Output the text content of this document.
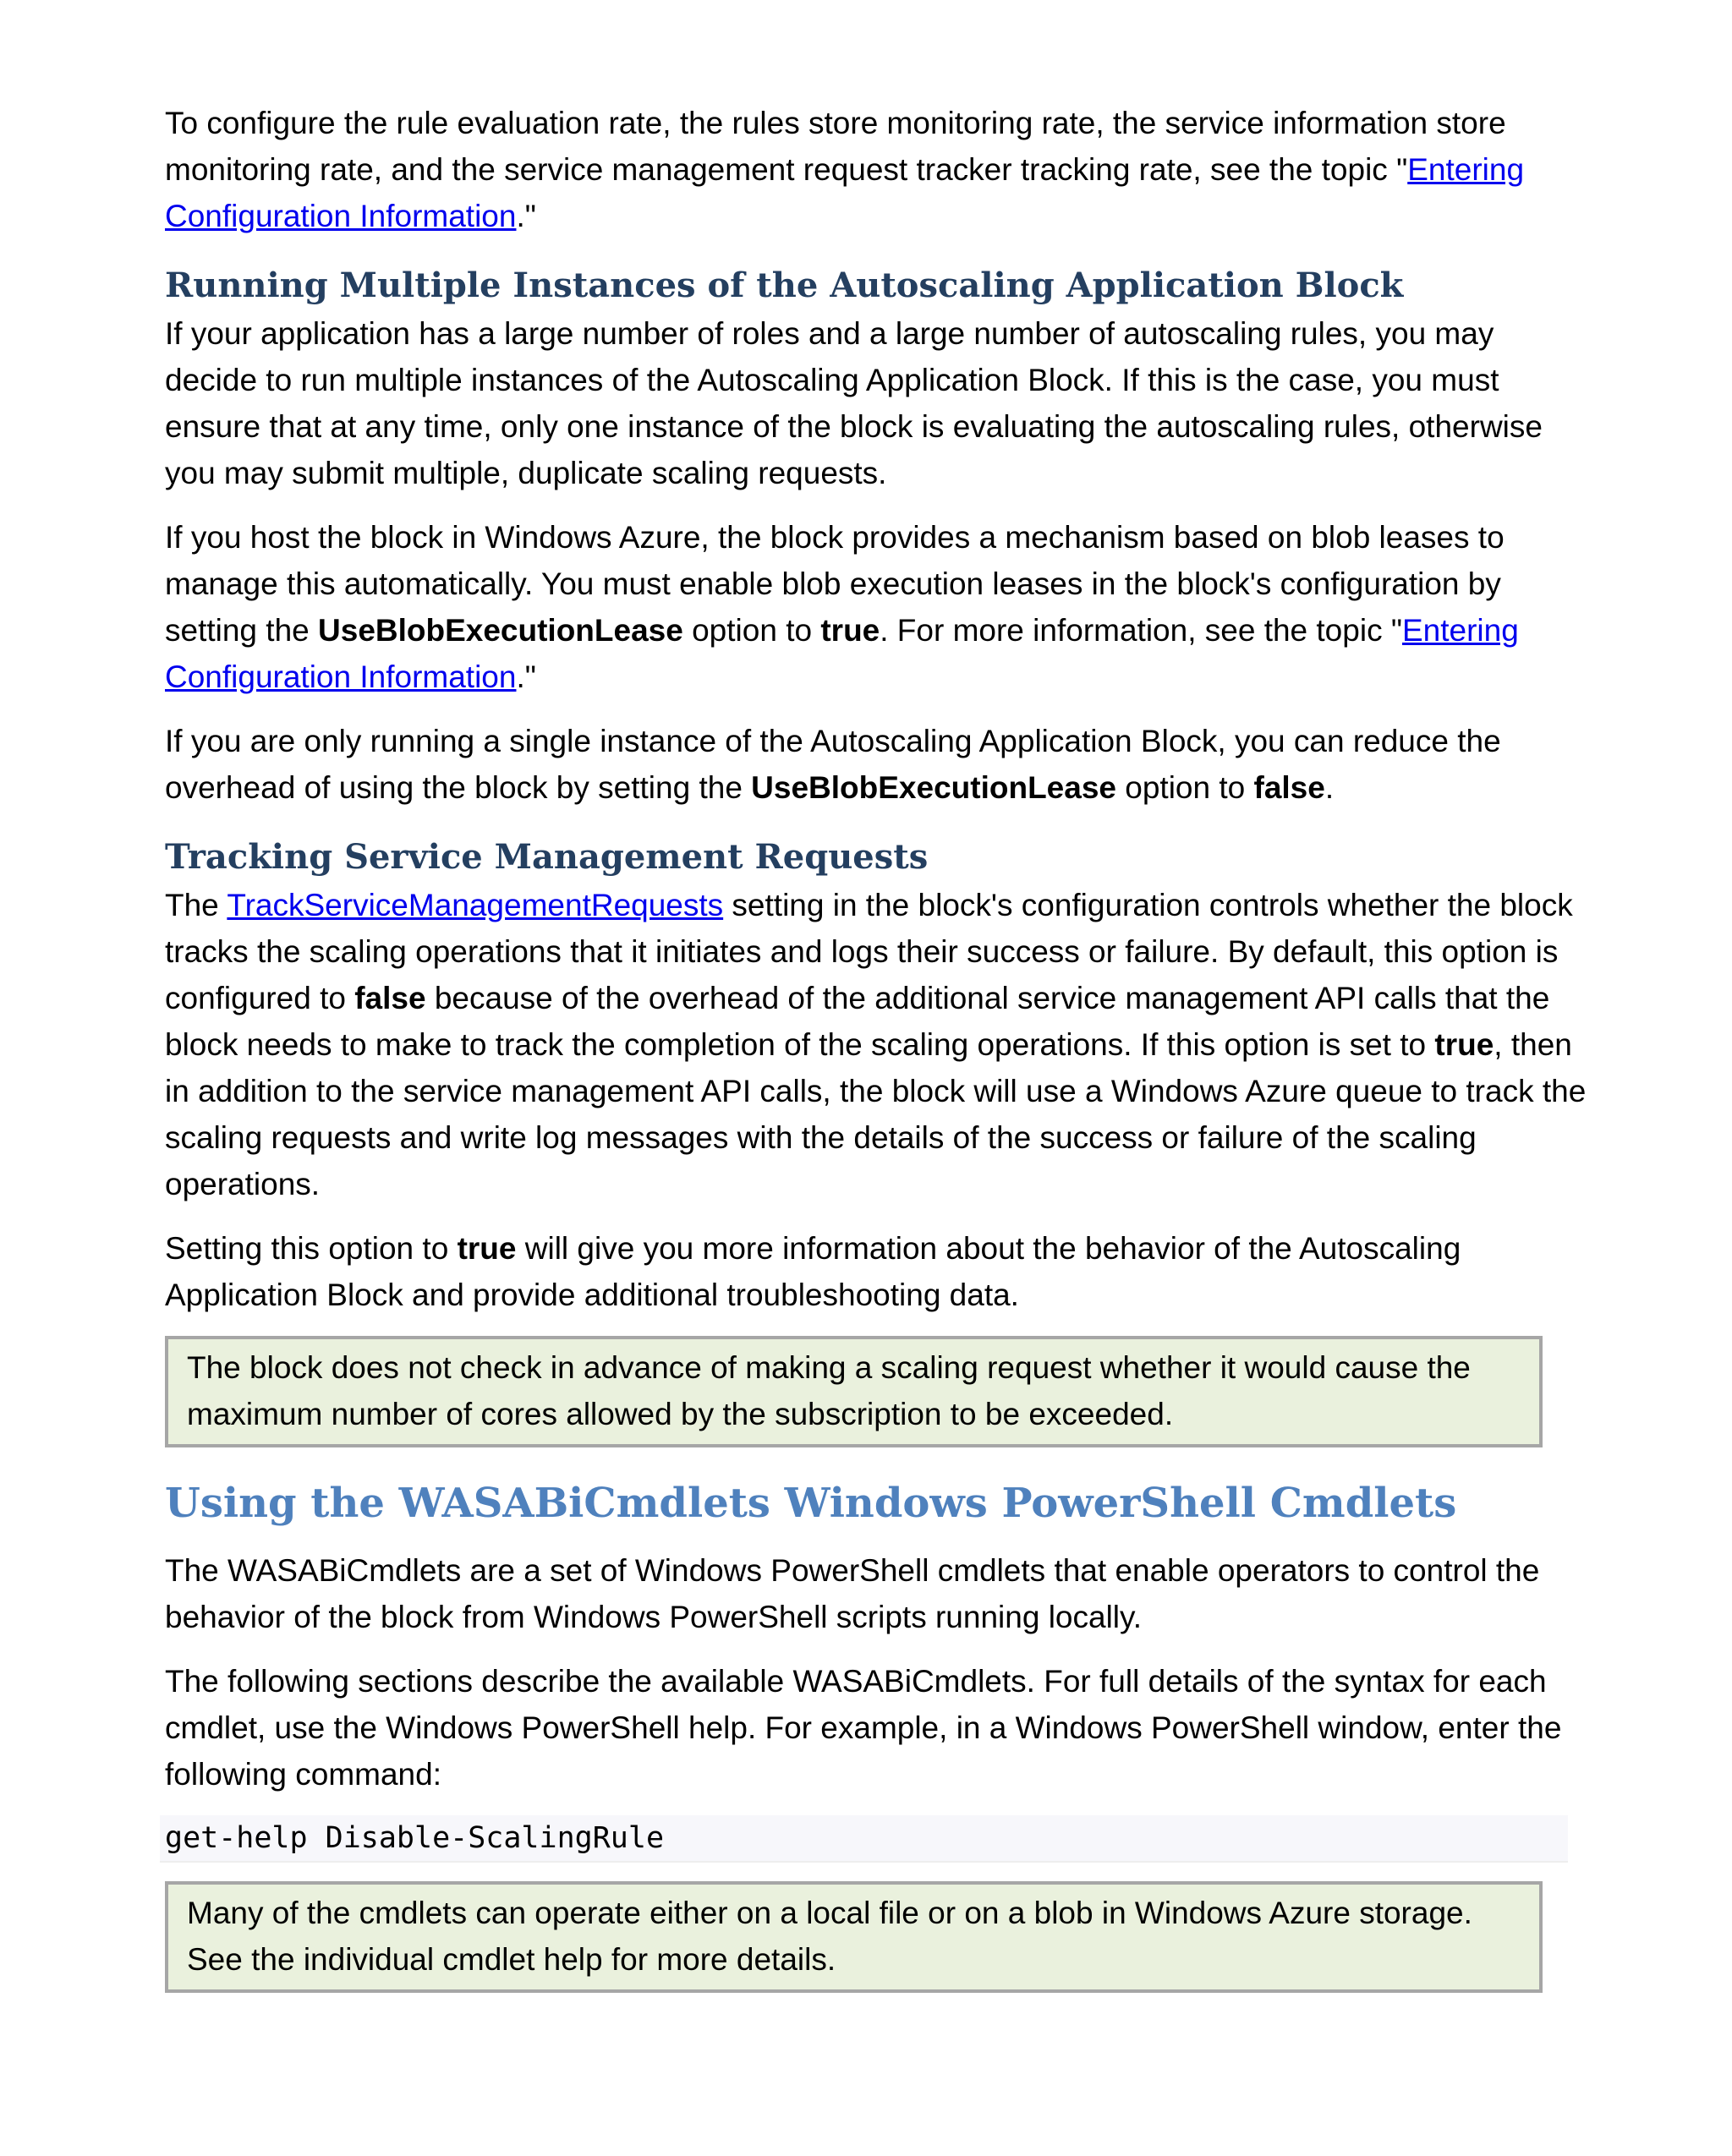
To configure the rule evaluation rate, the rules store monitoring rate, the service information store monitoring rate, and the service management request tracker tracking rate, see the topic "Entering Configuration Information."

Running Multiple Instances of the Autoscaling Application Block

If your application has a large number of roles and a large number of autoscaling rules, you may decide to run multiple instances of the Autoscaling Application Block. If this is the case, you must ensure that at any time, only one instance of the block is evaluating the autoscaling rules, otherwise you may submit multiple, duplicate scaling requests.

If you host the block in Windows Azure, the block provides a mechanism based on blob leases to manage this automatically. You must enable blob execution leases in the block's configuration by setting the UseBlobExecutionLease option to true. For more information, see the topic "Entering Configuration Information."

If you are only running a single instance of the Autoscaling Application Block, you can reduce the overhead of using the block by setting the UseBlobExecutionLease option to false.

Tracking Service Management Requests

The TrackServiceManagementRequests setting in the block's configuration controls whether the block tracks the scaling operations that it initiates and logs their success or failure. By default, this option is configured to false because of the overhead of the additional service management API calls that the block needs to make to track the completion of the scaling operations. If this option is set to true, then in addition to the service management API calls, the block will use a Windows Azure queue to track the scaling requests and write log messages with the details of the success or failure of the scaling operations.

Setting this option to true will give you more information about the behavior of the Autoscaling Application Block and provide additional troubleshooting data.

The block does not check in advance of making a scaling request whether it would cause the maximum number of cores allowed by the subscription to be exceeded.
Using the WASABiCmdlets Windows PowerShell Cmdlets

The WASABiCmdlets are a set of Windows PowerShell cmdlets that enable operators to control the behavior of the block from Windows PowerShell scripts running locally.

The following sections describe the available WASABiCmdlets. For full details of the syntax for each cmdlet, use the Windows PowerShell help. For example, in a Windows PowerShell window, enter the following command:

get-help Disable-ScalingRule
Many of the cmdlets can operate either on a local file or on a blob in Windows Azure storage. See the individual cmdlet help for more details.
